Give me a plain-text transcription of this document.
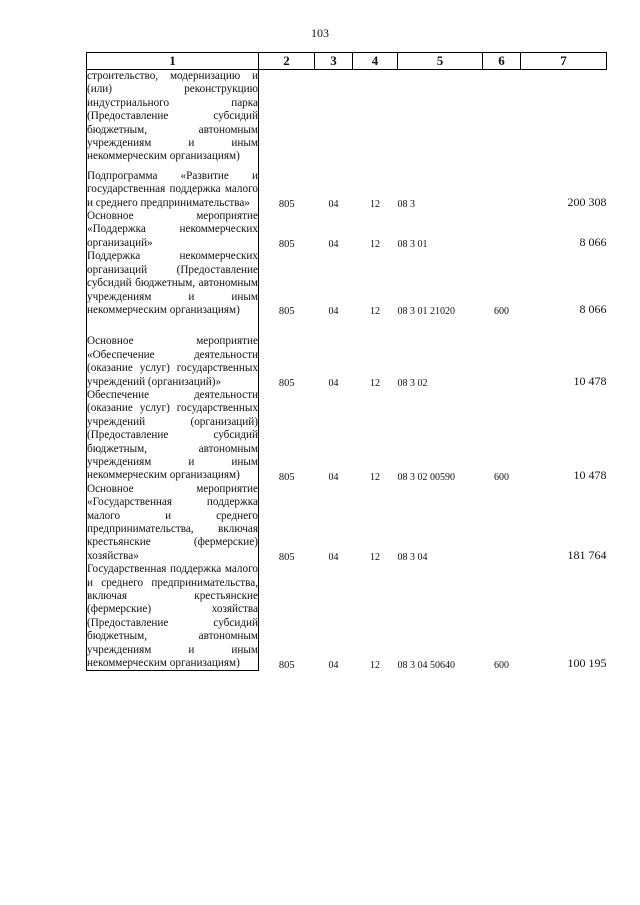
103
1	2	3	4	5	6	7
строительство, модернизацию и (или) реконструкцию индустриального парка (Предоставление субсидий бюджетным, автономным учреждениям и иным некоммерческим организациям)						
Подпрограмма «Развитие и государственная поддержка малого и среднего предпринимательства»	805	04	12	08 3		200 308
Основное мероприятие «Поддержка некоммерческих организаций»	805	04	12	08 3 01		8 066
Поддержка некоммерческих организаций (Предоставление субсидий бюджетным, автономным учреждениям и иным некоммерческим организациям)	805	04	12	08 3 01 21020	600	8 066
Основное мероприятие «Обеспечение деятельности (оказание услуг) государственных учреждений (организаций)»	805	04	12	08 3 02		10 478
Обеспечение деятельности (оказание услуг) государственных учреждений (организаций) (Предоставление субсидий бюджетным, автономным учреждениям и иным некоммерческим организациям)	805	04	12	08 3 02 00590	600	10 478
Основное мероприятие «Государственная поддержка малого и среднего предпринимательства, включая крестьянские (фермерские) хозяйства»	805	04	12	08 3 04		181 764
Государственная поддержка малого и среднего предпринимательства, включая крестьянские (фермерские) хозяйства (Предоставление субсидий бюджетным, автономным учреждениям и иным некоммерческим организациям)	805	04	12	08 3 04 50640	600	100 195
